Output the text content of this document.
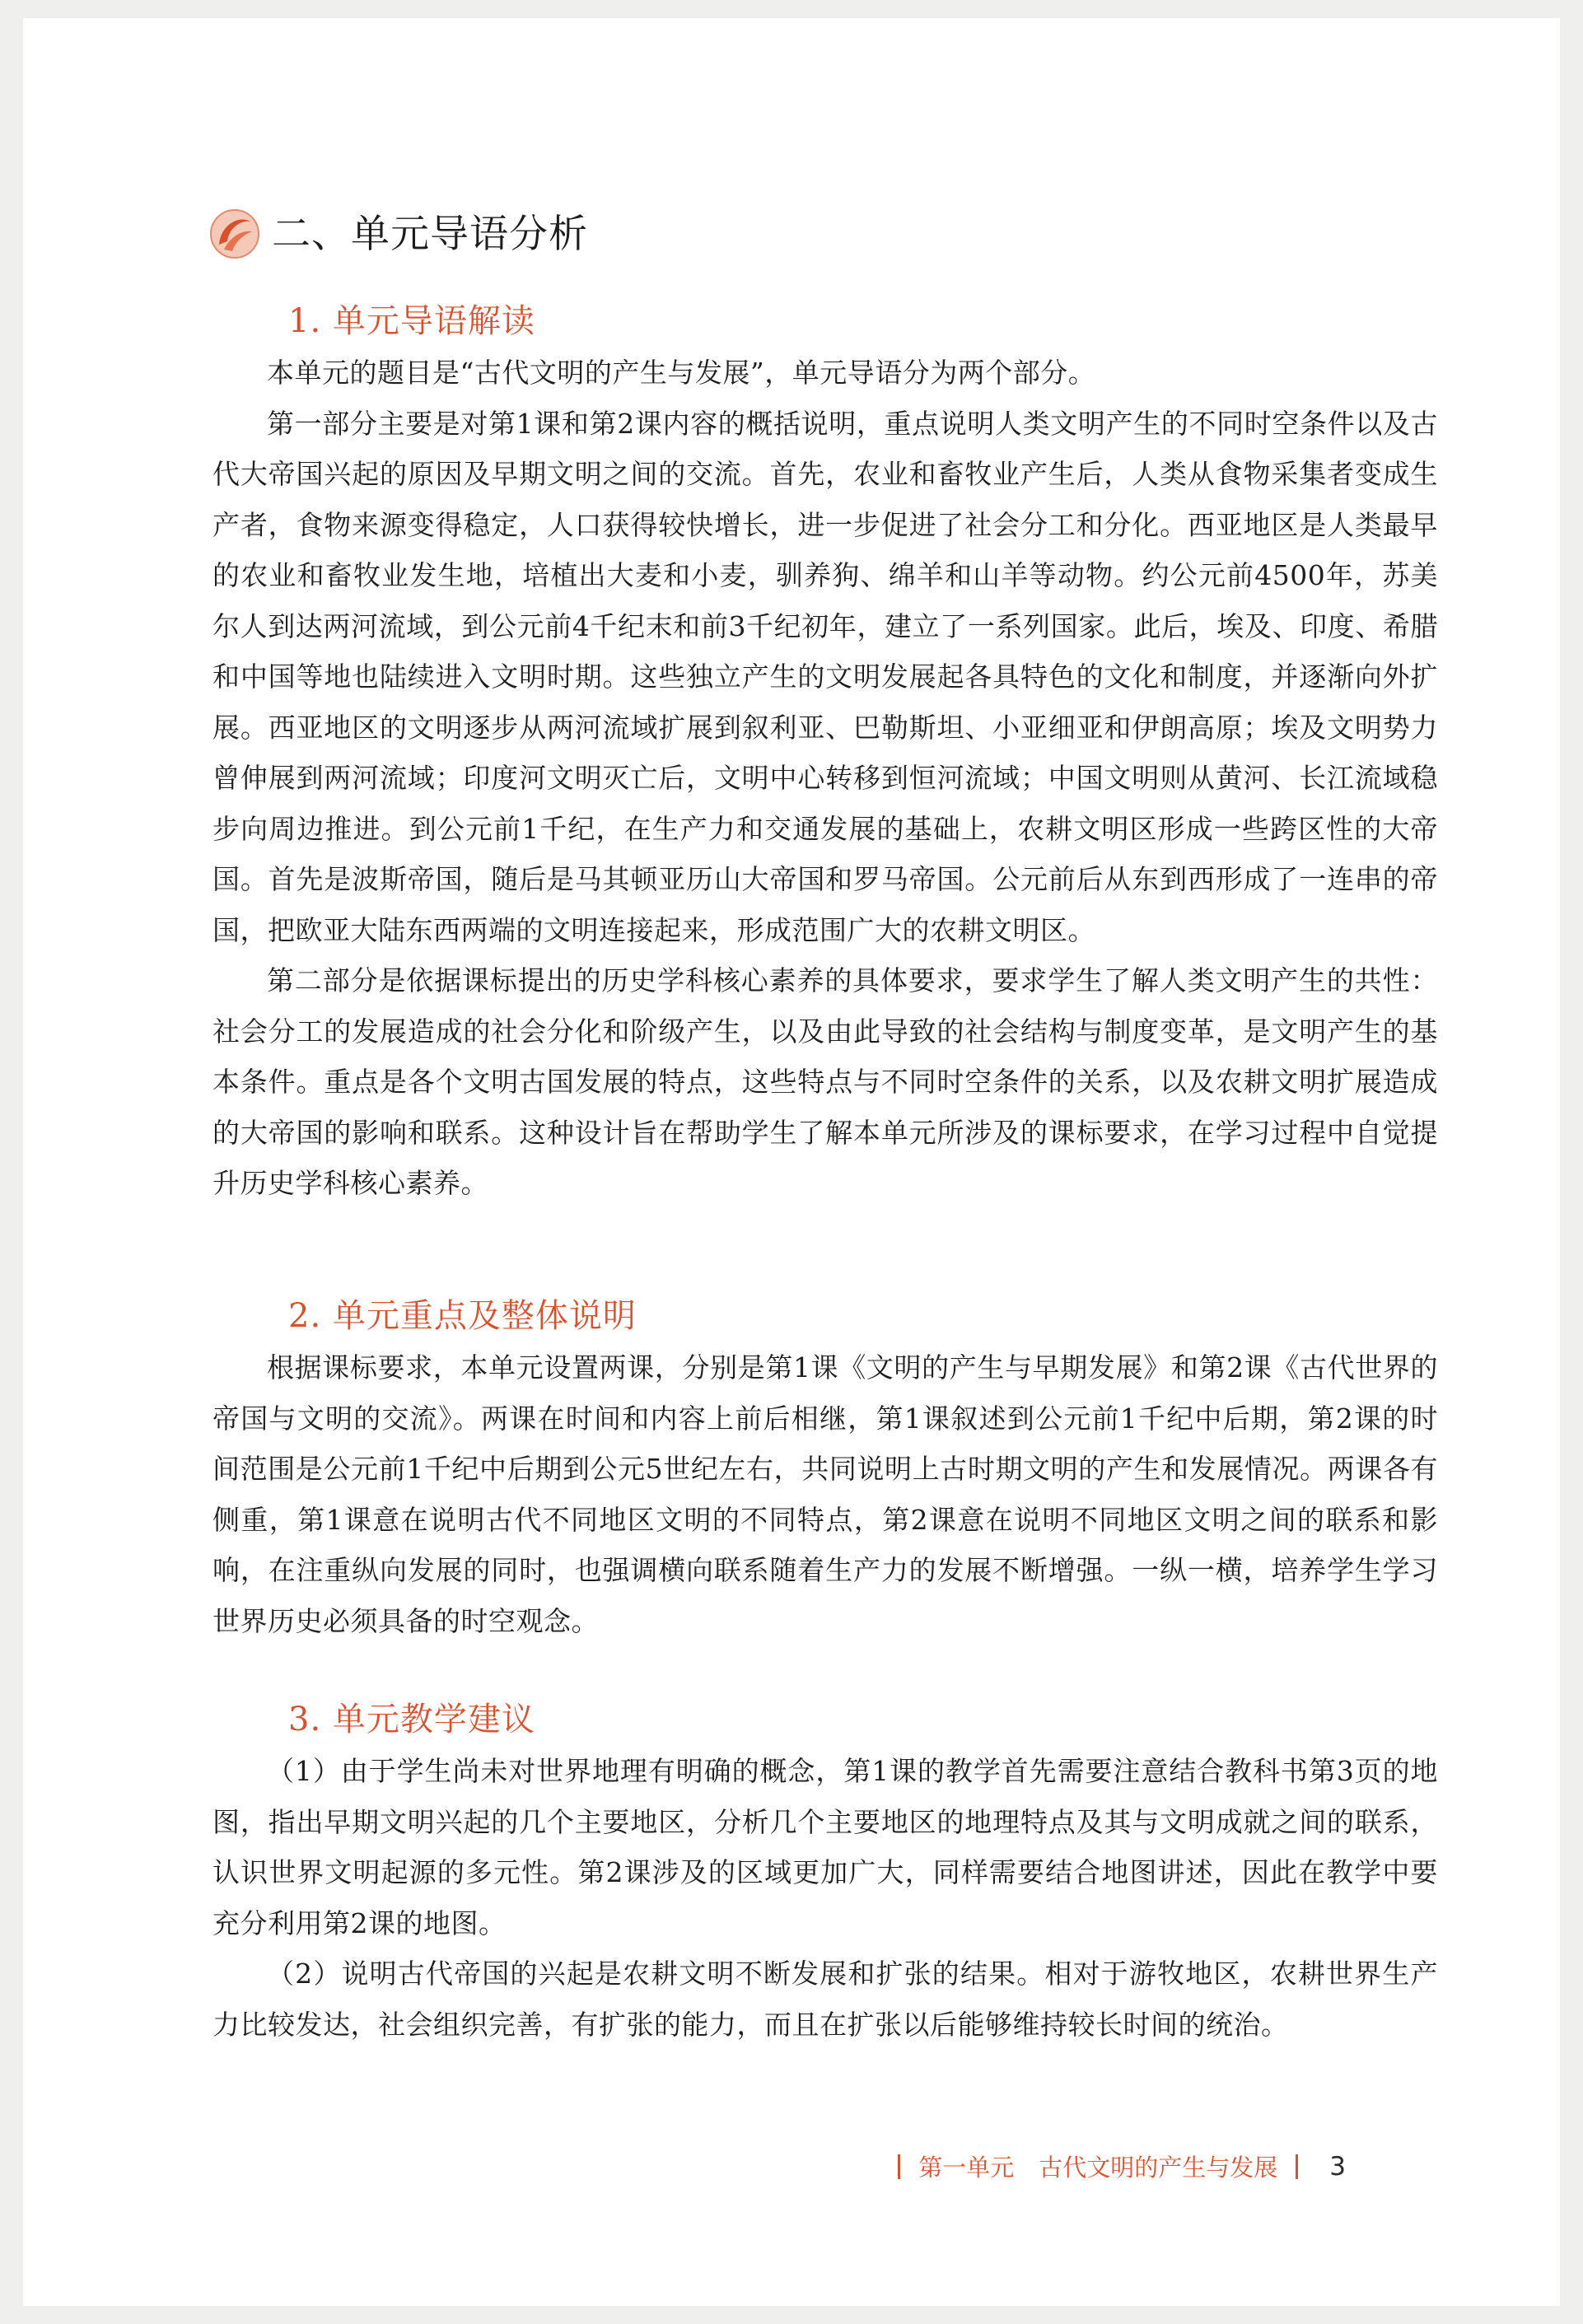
二、单元导语分析
1. 单元导语解读

本单元的题目是“古代文明的产生与发展”，单元导语分为两个部分。

第一部分主要是对第1课和第2课内容的概括说明，重点说明人类文明产生的不同时空条件以及古代大帝国兴起的原因及早期文明之间的交流。首先，农业和畜牧业产生后，人类从食物采集者变成生产者，食物来源变得稳定，人口获得较快增长，进一步促进了社会分工和分化。西亚地区是人类最早的农业和畜牧业发生地，培植出大麦和小麦，驯养狗、绵羊和山羊等动物。约公元前4500年，苏美尔人到达两河流域，到公元前4千纪末和前3千纪初年，建立了一系列国家。此后，埃及、印度、希腊和中国等地也陆续进入文明时期。这些独立产生的文明发展起各具特色的文化和制度，并逐渐向外扩展。西亚地区的文明逐步从两河流域扩展到叙利亚、巴勒斯坦、小亚细亚和伊朗高原；埃及文明势力曾伸展到两河流域；印度河文明灭亡后，文明中心转移到恒河流域；中国文明则从黄河、长江流域稳步向周边推进。到公元前1千纪，在生产力和交通发展的基础上，农耕文明区形成一些跨区性的大帝国。首先是波斯帝国，随后是马其顿亚历山大帝国和罗马帝国。公元前后从东到西形成了一连串的帝国，把欧亚大陆东西两端的文明连接起来，形成范围广大的农耕文明区。

第二部分是依据课标提出的历史学科核心素养的具体要求，要求学生了解人类文明产生的共性：社会分工的发展造成的社会分化和阶级产生，以及由此导致的社会结构与制度变革，是文明产生的基本条件。重点是各个文明古国发展的特点，这些特点与不同时空条件的关系，以及农耕文明扩展造成的大帝国的影响和联系。这种设计旨在帮助学生了解本单元所涉及的课标要求，在学习过程中自觉提升历史学科核心素养。

2. 单元重点及整体说明

根据课标要求，本单元设置两课，分别是第1课《文明的产生与早期发展》和第2课《古代世界的帝国与文明的交流》。两课在时间和内容上前后相继，第1课叙述到公元前1千纪中后期，第2课的时间范围是公元前1千纪中后期到公元5世纪左右，共同说明上古时期文明的产生和发展情况。两课各有侧重，第1课意在说明古代不同地区文明的不同特点，第2课意在说明不同地区文明之间的联系和影响，在注重纵向发展的同时，也强调横向联系随着生产力的发展不断增强。一纵一横，培养学生学习世界历史必须具备的时空观念。

3. 单元教学建议

（1）由于学生尚未对世界地理有明确的概念，第1课的教学首先需要注意结合教科书第3页的地图，指出早期文明兴起的几个主要地区，分析几个主要地区的地理特点及其与文明成就之间的联系，认识世界文明起源的多元性。第2课涉及的区域更加广大，同样需要结合地图讲述，因此在教学中要充分利用第2课的地图。

（2）说明古代帝国的兴起是农耕文明不断发展和扩张的结果。相对于游牧地区，农耕世界生产力比较发达，社会组织完善，有扩张的能力，而且在扩张以后能够维持较长时间的统治。

第一单元 古代文明的产生与发展 3
